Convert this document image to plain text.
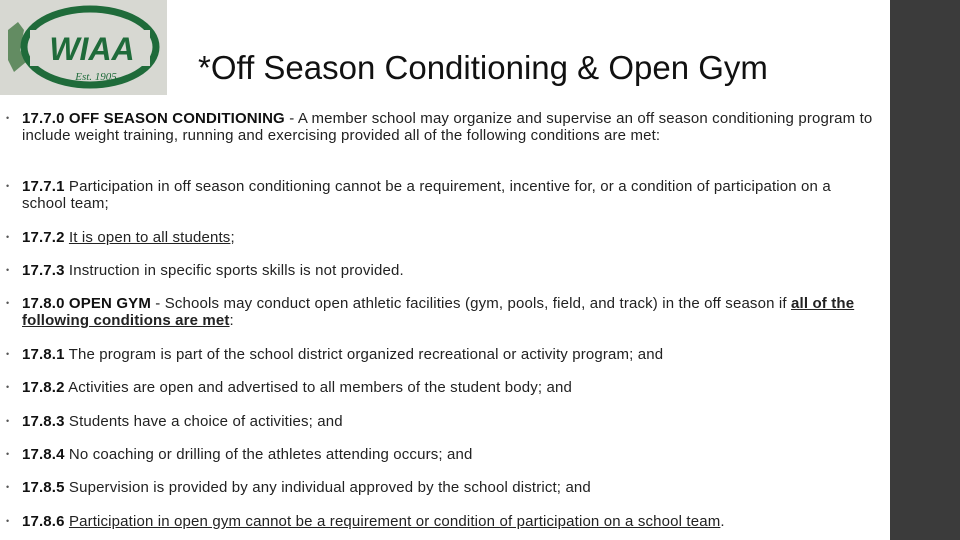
WIAA
Est. 1905 *Off Season Conditioning & Open Gym
• 17.7.0 OFF SEASON CONDITIONING - A member school may organize and supervise an off season conditioning program to include weight training, running and exercising provided all of the following conditions are met:
• 17.7.1 Participation in off season conditioning cannot be a requirement, incentive for, or a condition of participation on a school team;
• 17.7.2 It is open to all students;
• 17.7.3 Instruction in specific sports skills is not provided.
• 17.8.0 OPEN GYM - Schools may conduct open athletic facilities (gym, pools, field, and track) in the off season if all of the following conditions are met:
• 17.8.1 The program is part of the school district organized recreational or activity program; and
• 17.8.2 Activities are open and advertised to all members of the student body; and
• 17.8.3 Students have a choice of activities; and
• 17.8.4 No coaching or drilling of the athletes attending occurs; and
• 17.8.5 Supervision is provided by any individual approved by the school district; and
• 17.8.6 Participation in open gym cannot be a requirement or condition of participation on a school team.
